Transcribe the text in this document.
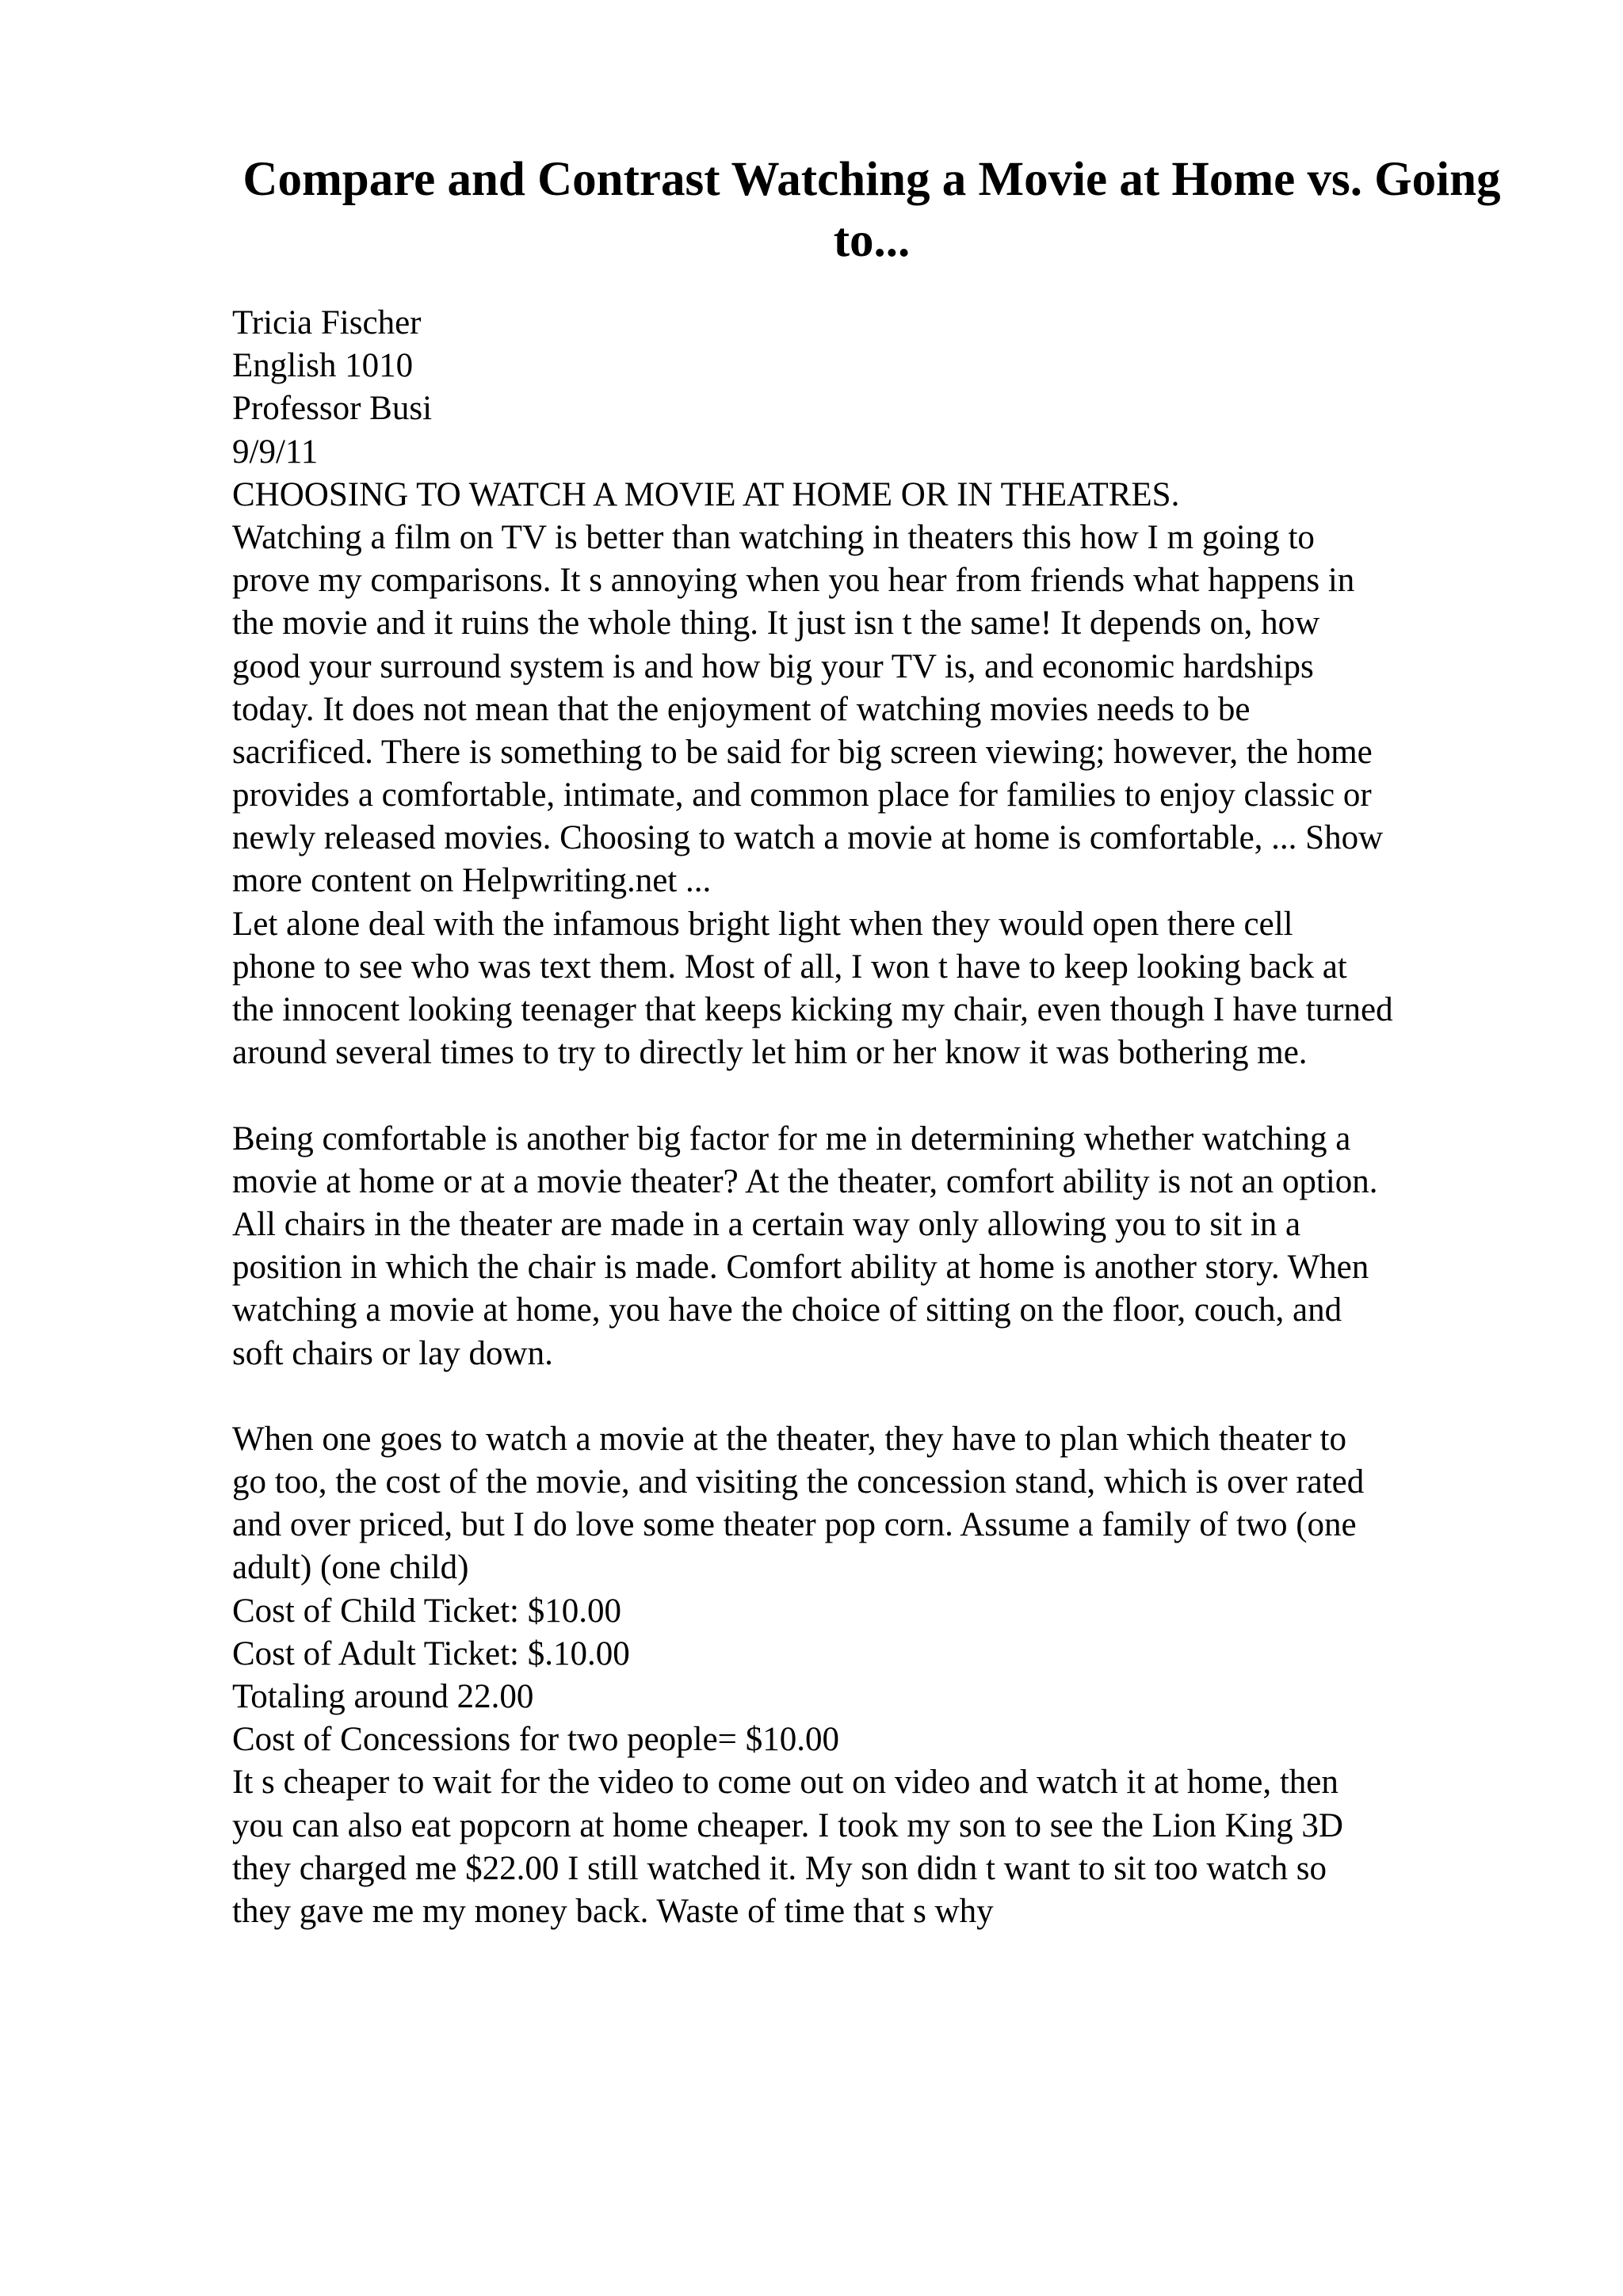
Compare and Contrast Watching a Movie at Home vs. Going to...
Tricia Fischer
English 1010
Professor Busi
9/9/11
CHOOSING TO WATCH A MOVIE AT HOME OR IN THEATRES.
Watching a film on TV is better than watching in theaters this how I m going to
prove my comparisons. It s annoying when you hear from friends what happens in
the movie and it ruins the whole thing. It just isn t the same! It depends on, how
good your surround system is and how big your TV is, and economic hardships
today. It does not mean that the enjoyment of watching movies needs to be
sacrificed. There is something to be said for big screen viewing; however, the home
provides a comfortable, intimate, and common place for families to enjoy classic or
newly released movies. Choosing to watch a movie at home is comfortable, ... Show
more content on Helpwriting.net ...
Let alone deal with the infamous bright light when they would open there cell
phone to see who was text them. Most of all, I won t have to keep looking back at
the innocent looking teenager that keeps kicking my chair, even though I have turned
around several times to try to directly let him or her know it was bothering me.
Being comfortable is another big factor for me in determining whether watching a
movie at home or at a movie theater? At the theater, comfort ability is not an option.
All chairs in the theater are made in a certain way only allowing you to sit in a
position in which the chair is made. Comfort ability at home is another story. When
watching a movie at home, you have the choice of sitting on the floor, couch, and
soft chairs or lay down.
When one goes to watch a movie at the theater, they have to plan which theater to
go too, the cost of the movie, and visiting the concession stand, which is over rated
and over priced, but I do love some theater pop corn. Assume a family of two (one
adult) (one child)
Cost of Child Ticket: $10.00
Cost of Adult Ticket: $.10.00
Totaling around 22.00
Cost of Concessions for two people= $10.00
It s cheaper to wait for the video to come out on video and watch it at home, then
you can also eat popcorn at home cheaper. I took my son to see the Lion King 3D
they charged me $22.00 I still watched it. My son didn t want to sit too watch so
they gave me my money back. Waste of time that s why
